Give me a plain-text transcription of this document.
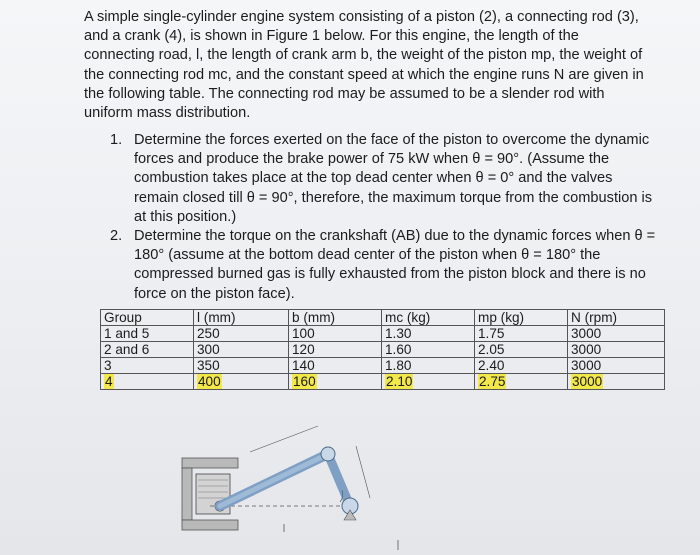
A simple single-cylinder engine system consisting of a piston (2), a connecting rod (3),

and a crank (4), is shown in Figure 1 below. For this engine, the length of the

connecting road, l, the length of crank arm b, the weight of the piston mp, the weight of

the connecting rod mc, and the constant speed at which the engine runs N are given in

the following table. The connecting rod may be assumed to be a slender rod with

uniform mass distribution.

1. Determine the forces exerted on the face of the piston to overcome the dynamic
forces and produce the brake power of 75 kW when θ = 90°. (Assume the
combustion takes place at the top dead center when θ = 0° and the valves
remain closed till θ = 90°, therefore, the maximum torque from the combustion is
at this position.)
2. Determine the torque on the crankshaft (AB) due to the dynamic forces when θ =
180° (assume at the bottom dead center of the piston when θ = 180° the
compressed burned gas is fully exhausted from the piston block and there is no
force on the piston face).
Group	l (mm)	b (mm)	mc (kg)	mp (kg)	N (rpm)
1 and 5	250	100	1.30	1.75	3000
2 and 6	300	120	1.60	2.05	3000
3	350	140	1.80	2.40	3000
4	400	160	2.10	2.75	3000
